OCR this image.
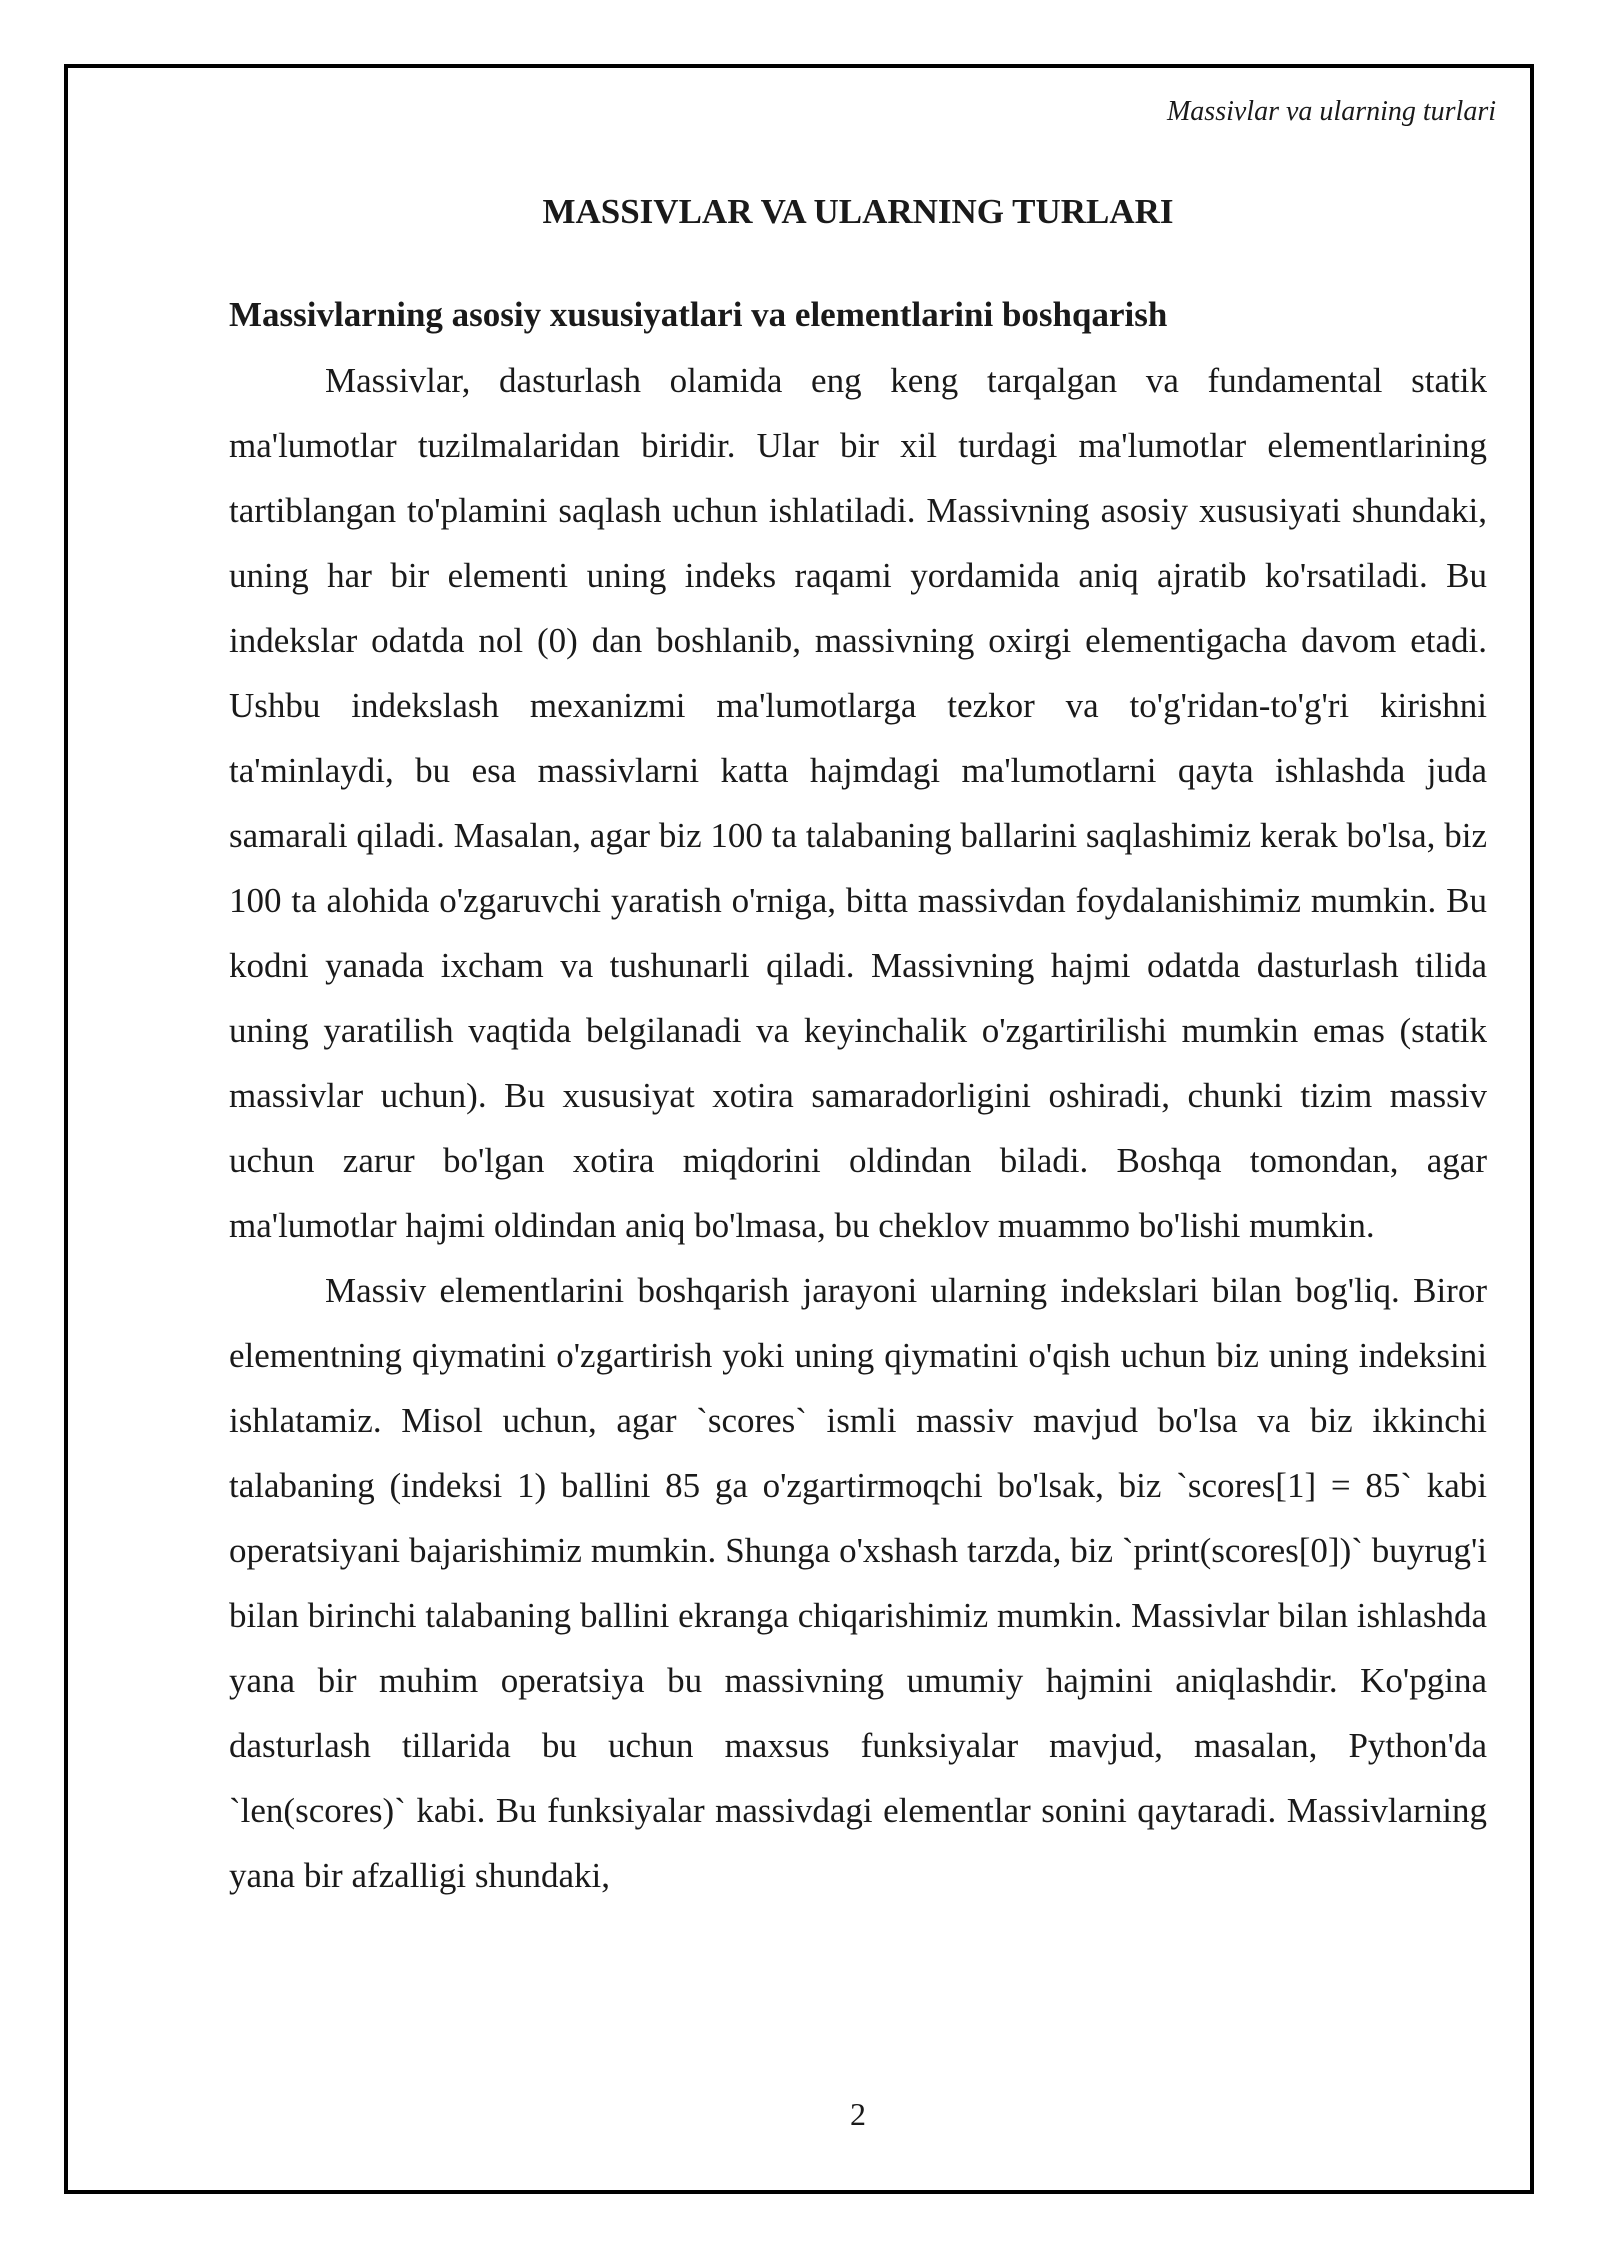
Massivlar va ularning turlari
MASSIVLAR VA ULARNING TURLARI
Massivlarning asosiy xususiyatlari va elementlarini boshqarish

Massivlar, dasturlash olamida eng keng tarqalgan va fundamental statik ma'lumotlar tuzilmalaridan biridir. Ular bir xil turdagi ma'lumotlar elementlarining tartiblangan to'plamini saqlash uchun ishlatiladi. Massivning asosiy xususiyati shundaki, uning har bir elementi uning indeks raqami yordamida aniq ajratib ko'rsatiladi. Bu indekslar odatda nol (0) dan boshlanib, massivning oxirgi elementigacha davom etadi. Ushbu indekslash mexanizmi ma'lumotlarga tezkor va to'g'ridan-to'g'ri kirishni ta'minlaydi, bu esa massivlarni katta hajmdagi ma'lumotlarni qayta ishlashda juda samarali qiladi. Masalan, agar biz 100 ta talabaning ballarini saqlashimiz kerak bo'lsa, biz 100 ta alohida o'zgaruvchi yaratish o'rniga, bitta massivdan foydalanishimiz mumkin. Bu kodni yanada ixcham va tushunarli qiladi. Massivning hajmi odatda dasturlash tilida uning yaratilish vaqtida belgilanadi va keyinchalik o'zgartirilishi mumkin emas (statik massivlar uchun). Bu xususiyat xotira samaradorligini oshiradi, chunki tizim massiv uchun zarur bo'lgan xotira miqdorini oldindan biladi. Boshqa tomondan, agar ma'lumotlar hajmi oldindan aniq bo'lmasa, bu cheklov muammo bo'lishi mumkin.

Massiv elementlarini boshqarish jarayoni ularning indekslari bilan bog'liq. Biror elementning qiymatini o'zgartirish yoki uning qiymatini o'qish uchun biz uning indeksini ishlatamiz. Misol uchun, agar `scores` ismli massiv mavjud bo'lsa va biz ikkinchi talabaning (indeksi 1) ballini 85 ga o'zgartirmoqchi bo'lsak, biz `scores[1] = 85` kabi operatsiyani bajarishimiz mumkin. Shunga o'xshash tarzda, biz `print(scores[0])` buyrug'i bilan birinchi talabaning ballini ekranga chiqarishimiz mumkin. Massivlar bilan ishlashda yana bir muhim operatsiya bu massivning umumiy hajmini aniqlashdir. Ko'pgina dasturlash tillarida bu uchun maxsus funksiyalar mavjud, masalan, Python'da `len(scores)` kabi. Bu funksiyalar massivdagi elementlar sonini qaytaradi. Massivlarning yana bir afzalligi shundaki,

2
